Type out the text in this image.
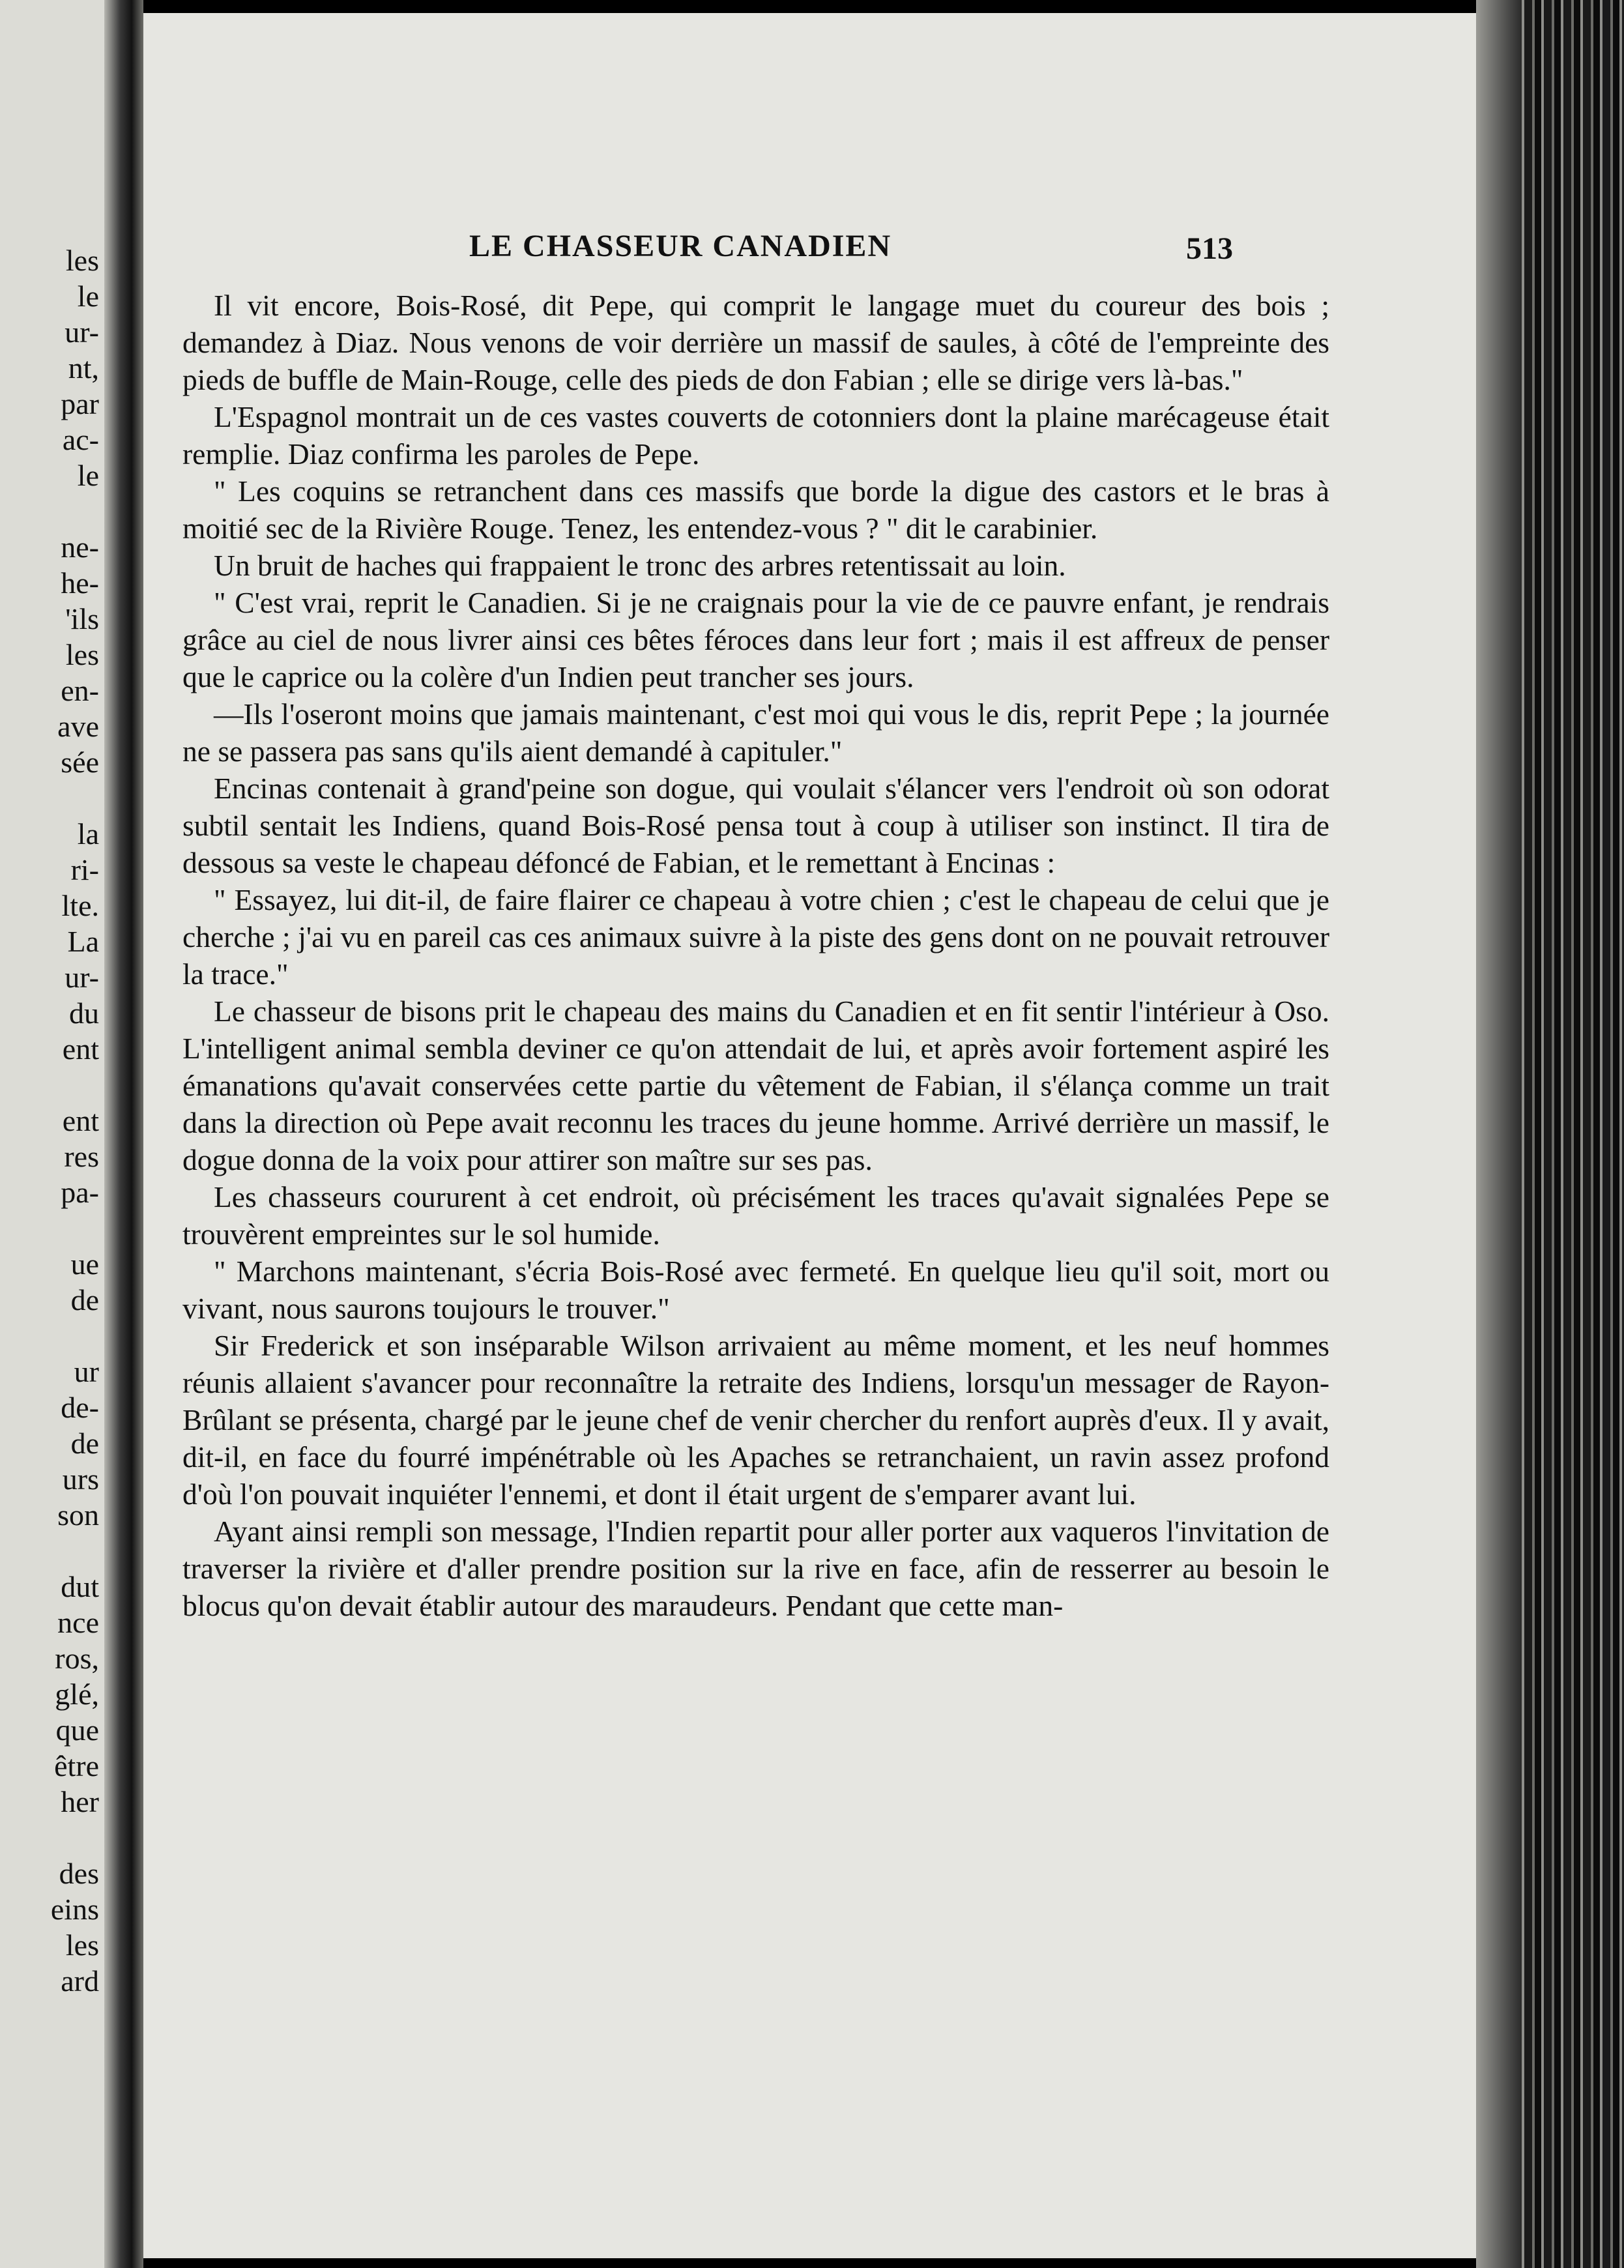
les
le
ur-
nt,
par
ac-
le
ne-
he-
'ils
les
en-
ave
sée
la
ri-
lte.
La
ur-
du
ent
ent
res
pa-
ue
de
ur
de-
de
urs
son
dut
nce
ros,
glé,
que
être
her
des
eins
les
ard
LE CHASSEUR CANADIEN	513

Il vit encore, Bois-Rosé, dit Pepe, qui comprit le langage muet du coureur des bois ; demandez à Diaz. Nous venons de voir derrière un massif de saules, à côté de l'empreinte des pieds de buffle de Main-Rouge, celle des pieds de don Fabian ; elle se dirige vers là-bas."

L'Espagnol montrait un de ces vastes couverts de cotonniers dont la plaine marécageuse était remplie. Diaz confirma les paroles de Pepe.

" Les coquins se retranchent dans ces massifs que borde la digue des castors et le bras à moitié sec de la Rivière Rouge. Tenez, les entendez-vous ? " dit le carabinier.

Un bruit de haches qui frappaient le tronc des arbres retentissait au loin.

" C'est vrai, reprit le Canadien. Si je ne craignais pour la vie de ce pauvre enfant, je rendrais grâce au ciel de nous livrer ainsi ces bêtes féroces dans leur fort ; mais il est affreux de penser que le caprice ou la colère d'un Indien peut trancher ses jours.

—Ils l'oseront moins que jamais maintenant, c'est moi qui vous le dis, reprit Pepe ; la journée ne se passera pas sans qu'ils aient demandé à capituler."

Encinas contenait à grand'peine son dogue, qui voulait s'élancer vers l'endroit où son odorat subtil sentait les Indiens, quand Bois-Rosé pensa tout à coup à utiliser son instinct. Il tira de dessous sa veste le chapeau défoncé de Fabian, et le remettant à Encinas :

" Essayez, lui dit-il, de faire flairer ce chapeau à votre chien ; c'est le chapeau de celui que je cherche ; j'ai vu en pareil cas ces animaux suivre à la piste des gens dont on ne pouvait retrouver la trace."

Le chasseur de bisons prit le chapeau des mains du Canadien et en fit sentir l'intérieur à Oso. L'intelligent animal sembla deviner ce qu'on attendait de lui, et après avoir fortement aspiré les émanations qu'avait conservées cette partie du vêtement de Fabian, il s'élança comme un trait dans la direction où Pepe avait reconnu les traces du jeune homme. Arrivé derrière un massif, le dogue donna de la voix pour attirer son maître sur ses pas.

Les chasseurs coururent à cet endroit, où précisément les traces qu'avait signalées Pepe se trouvèrent empreintes sur le sol humide.

" Marchons maintenant, s'écria Bois-Rosé avec fermeté. En quelque lieu qu'il soit, mort ou vivant, nous saurons toujours le trouver."

Sir Frederick et son inséparable Wilson arrivaient au même moment, et les neuf hommes réunis allaient s'avancer pour reconnaître la retraite des Indiens, lorsqu'un messager de Rayon-Brûlant se présenta, chargé par le jeune chef de venir chercher du renfort auprès d'eux. Il y avait, dit-il, en face du fourré impénétrable où les Apaches se retranchaient, un ravin assez profond d'où l'on pouvait inquiéter l'ennemi, et dont il était urgent de s'emparer avant lui.

Ayant ainsi rempli son message, l'Indien repartit pour aller porter aux vaqueros l'invitation de traverser la rivière et d'aller prendre position sur la rive en face, afin de resserrer au besoin le blocus qu'on devait établir autour des maraudeurs. Pendant que cette man-
